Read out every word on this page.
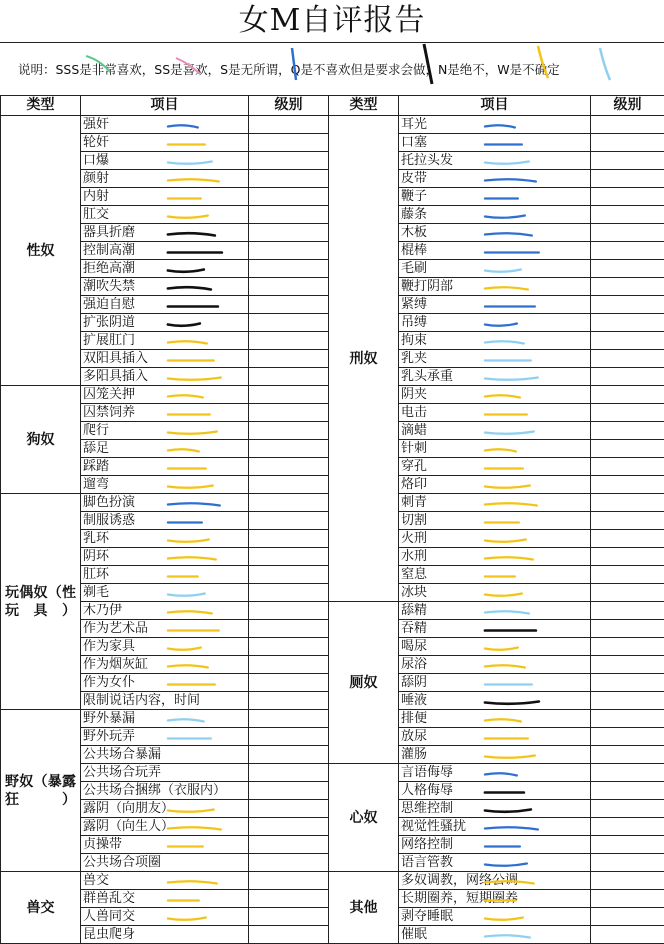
女M自评报告
说明：SSS是非常喜欢，SS是喜欢，S是无所谓，Q是不喜欢但是要求会做，N是绝不，W是不确定
类型	项目	级别
性奴	强奸	
	轮奸	
	口爆	
	颜射	
	内射	
	肛交	
	器具折磨	
	控制高潮	
	拒绝高潮	
	潮吹失禁	
	强迫自慰	
	扩张阴道	
	扩展肛门	
	双阳具插入	
	多阳具插入	
狗奴	囚笼关押	
	囚禁饲养	
	爬行	
	舔足	
	踩踏	
	遛弯	
玩偶奴（性玩具）	脚色扮演	
	制服诱惑	
	乳环	
	阴环	
	肛环	
	剃毛	
	木乃伊	
	作为艺术品	
	作为家具	
	作为烟灰缸	
	作为女仆	
	限制说话内容，时间	
野奴（暴露狂）	野外暴漏	
	野外玩弄	
	公共场合暴漏	
	公共场合玩弄	
	公共场合捆绑（衣服内）	
	露阴（向朋友）	
	露阴（向生人）	
	贞操带	
	公共场合项圈	
兽交	兽交	
	群兽乱交	
	人兽同交	
	昆虫爬身	
类型	项目	级别
刑奴	耳光	
	口塞	
	托拉头发	
	皮带	
	鞭子	
	藤条	
	木板	
	棍棒	
	毛刷	
	鞭打阴部	
	紧缚	
	吊缚	
	拘束	
	乳夹	
	乳头承重	
	阴夹	
	电击	
	滴蜡	
	针刺	
	穿孔	
	烙印	
	刺青	
	切割	
	火刑	
	水刑	
	窒息	
	冰块	
厕奴	舔精	
	吞精	
	喝尿	
	尿浴	
	舔阴	
	唾液	
	排便	
	放尿	
	灌肠	
心奴	言语侮辱	
	人格侮辱	
	思维控制	
	视觉性骚扰	
	网络控制	
	语言管教	
其他	多奴调教，网络公调	
	长期圈养，短期圈养	
	剥夺睡眠	
	催眠	
